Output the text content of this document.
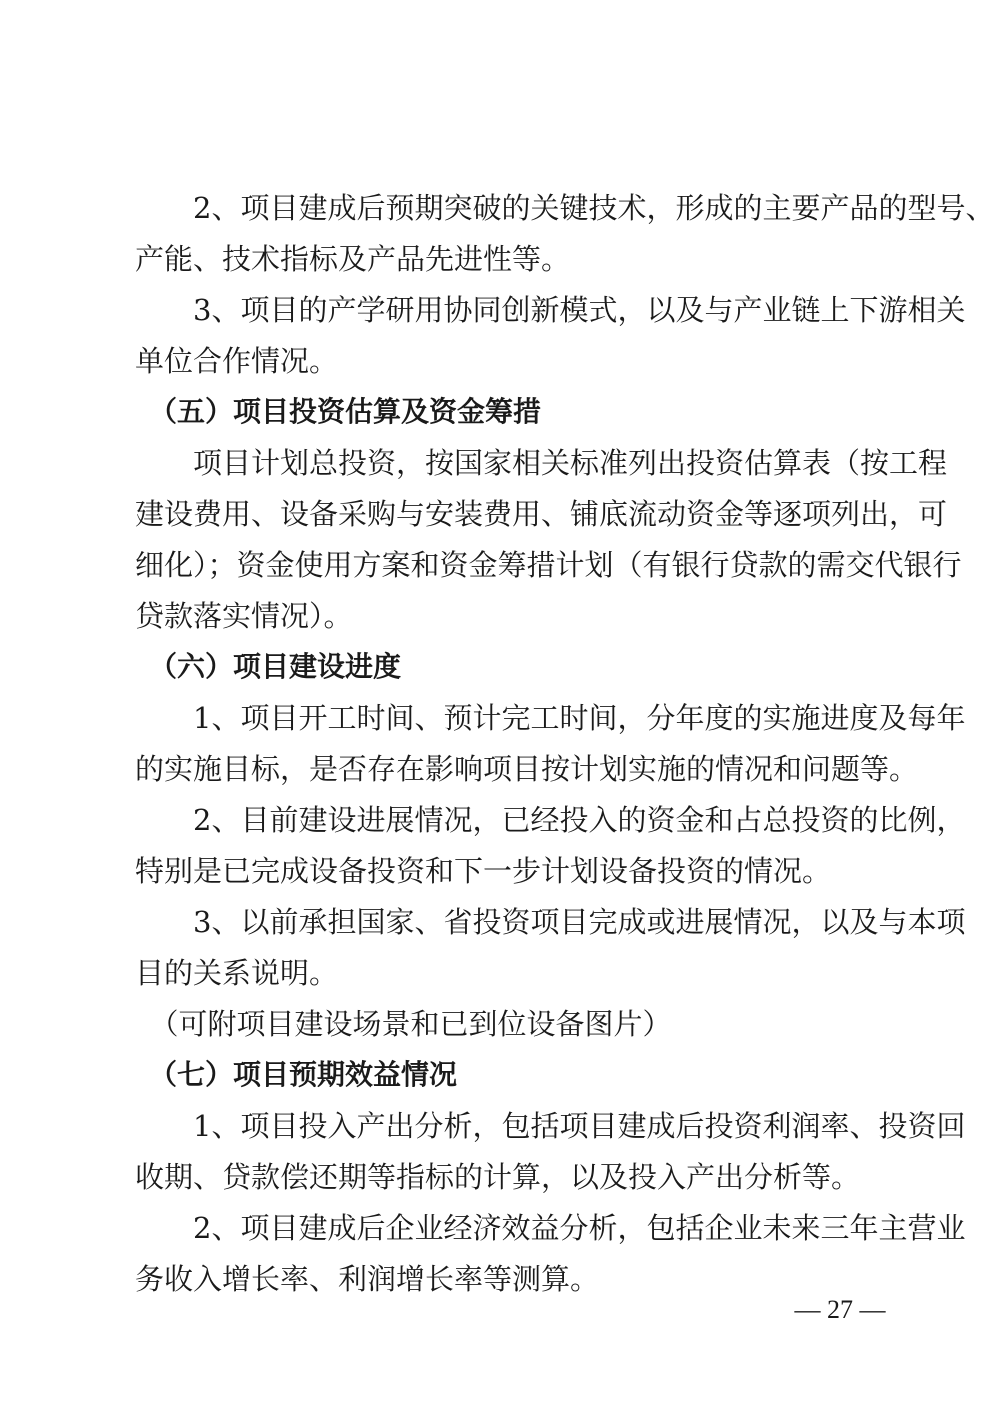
　　2、项目建成后预期突破的关键技术，形成的主要产品的型号、
产能、技术指标及产品先进性等。
　　3、项目的产学研用协同创新模式，以及与产业链上下游相关
单位合作情况。
　（五）项目投资估算及资金筹措
　　项目计划总投资，按国家相关标准列出投资估算表（按工程
建设费用、设备采购与安装费用、铺底流动资金等逐项列出，可
细化）；资金使用方案和资金筹措计划（有银行贷款的需交代银行
贷款落实情况）。
　（六）项目建设进度
　　1、项目开工时间、预计完工时间，分年度的实施进度及每年
的实施目标，是否存在影响项目按计划实施的情况和问题等。
　　2、目前建设进展情况，已经投入的资金和占总投资的比例，
特别是已完成设备投资和下一步计划设备投资的情况。
　　3、以前承担国家、省投资项目完成或进展情况，以及与本项
目的关系说明。
　（可附项目建设场景和已到位设备图片）
　（七）项目预期效益情况
　　1、项目投入产出分析，包括项目建成后投资利润率、投资回
收期、贷款偿还期等指标的计算，以及投入产出分析等。
　　2、项目建成后企业经济效益分析，包括企业未来三年主营业
务收入增长率、利润增长率等测算。
— 27 —
